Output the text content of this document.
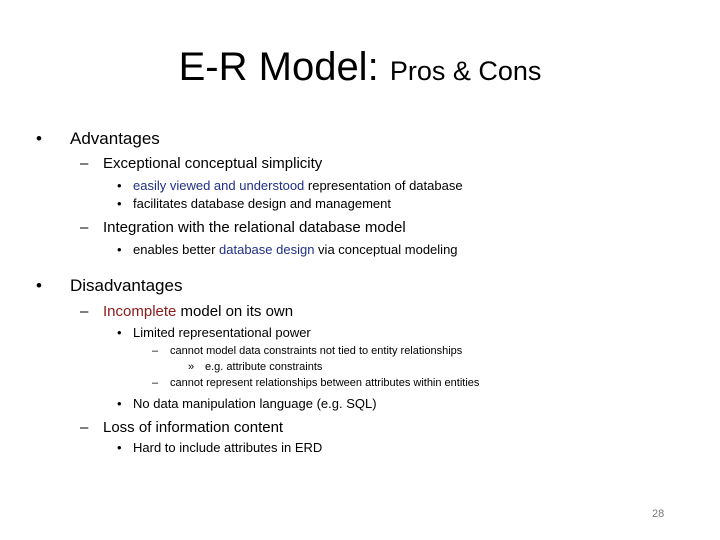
E-R Model: Pros & Cons
• Advantages
– Exceptional conceptual simplicity
• easily viewed and understood representation of database
• facilitates database design and management
– Integration with the relational database model
• enables better database design via conceptual modeling
• Disadvantages
– Incomplete model on its own
• Limited representational power
– cannot model data constraints not tied to entity relationships
» e.g. attribute constraints
– cannot represent relationships between attributes within entities
• No data manipulation language (e.g. SQL)
– Loss of information content
• Hard to include attributes in ERD
28
